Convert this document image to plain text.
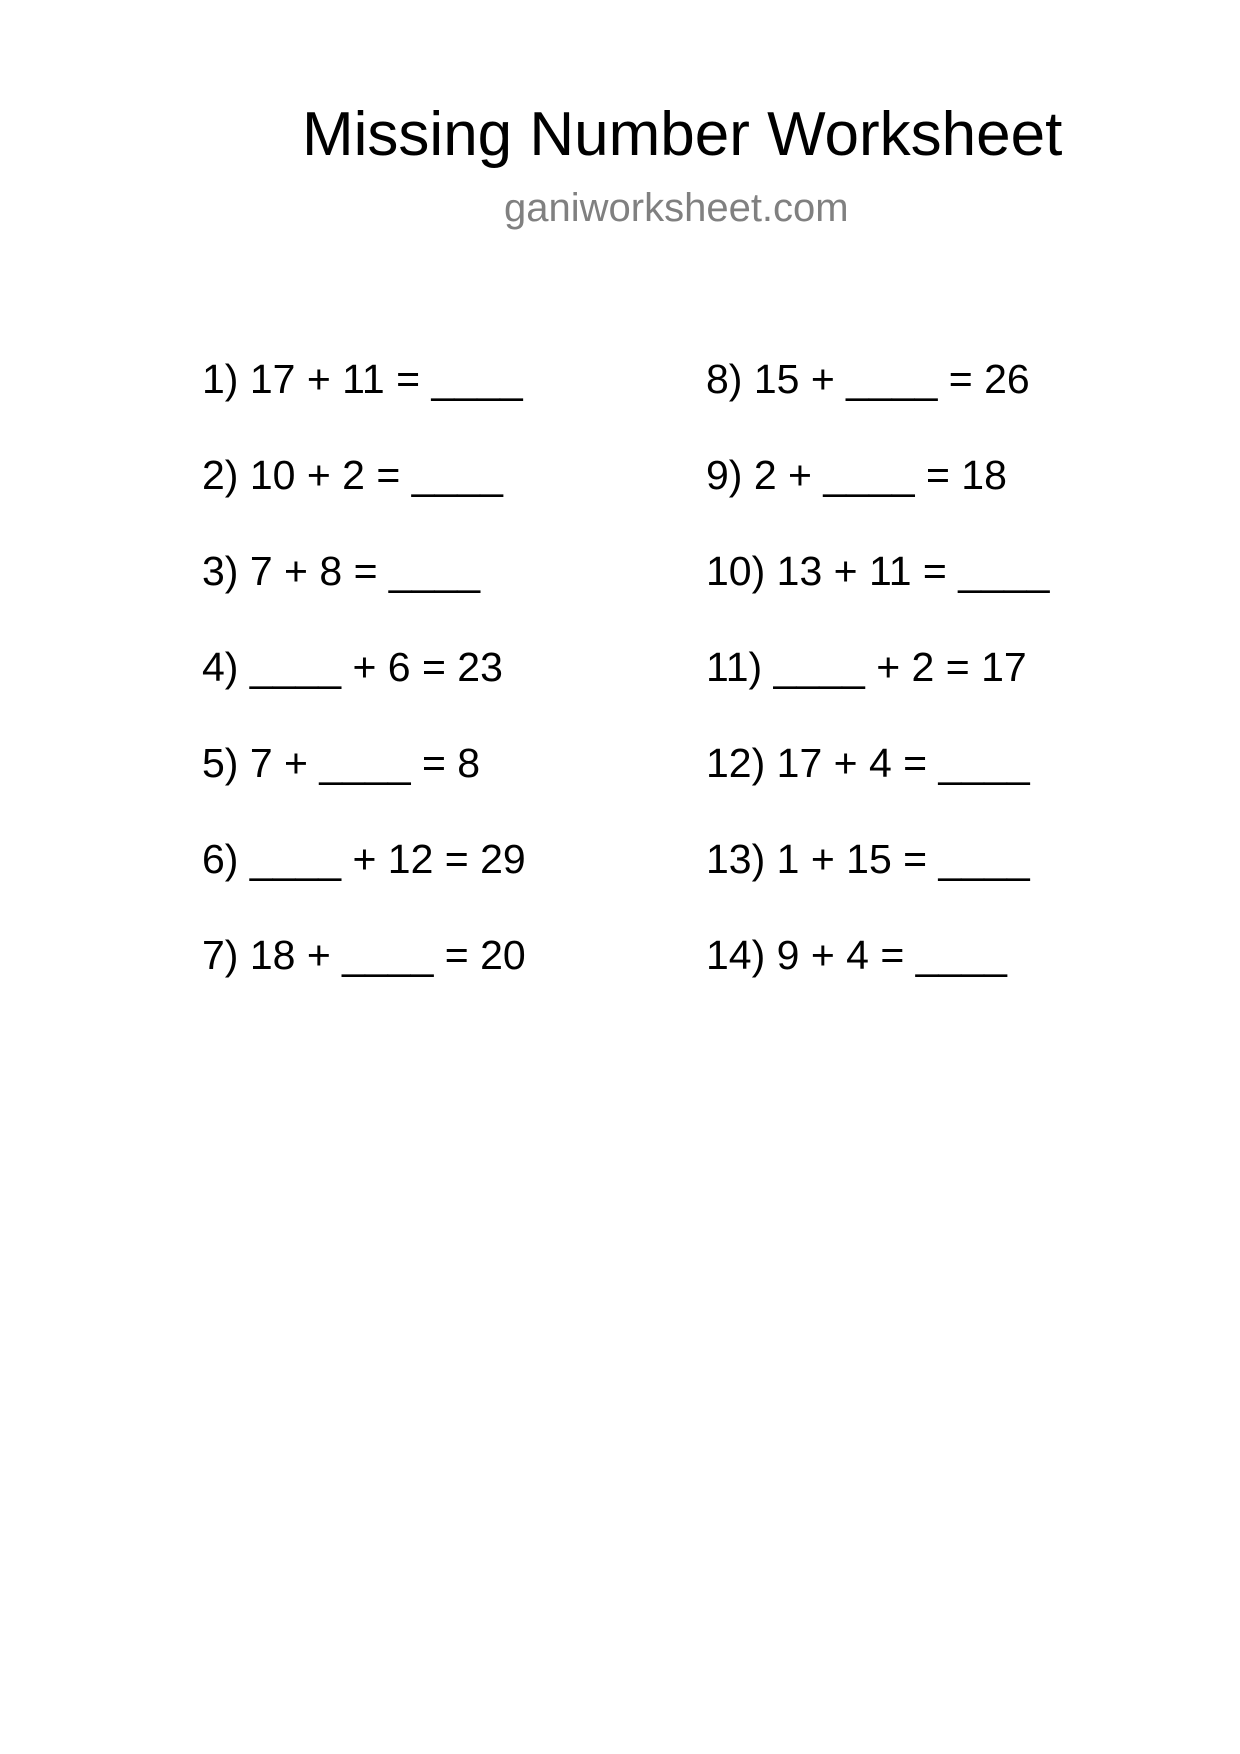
Missing Number Worksheet
ganiworksheet.com
1) 17 + 11 = ____
2) 10 + 2 = ____
3) 7 + 8 = ____
4) ____ + 6 = 23
5) 7 + ____ = 8
6) ____ + 12 = 29
7) 18 + ____ = 20
8) 15 + ____ = 26
9) 2 + ____ = 18
10) 13 + 11 = ____
11) ____ + 2 = 17
12) 17 + 4 = ____
13) 1 + 15 = ____
14) 9 + 4 = ____
